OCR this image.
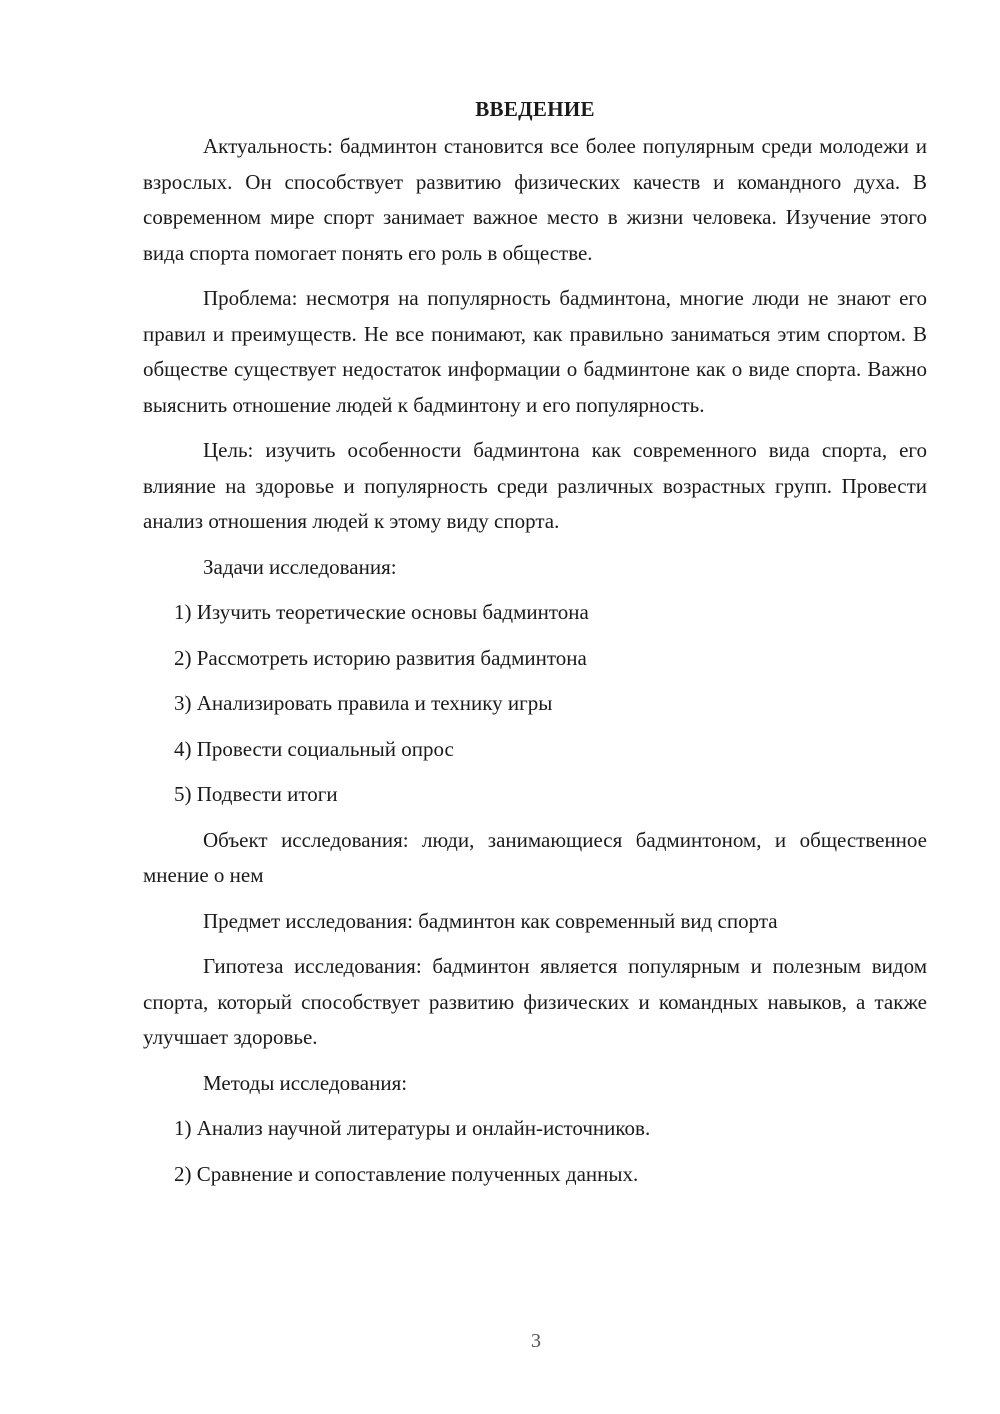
ВВЕДЕНИЕ

Актуальность: бадминтон становится все более популярным среди молодежи и взрослых. Он способствует развитию физических качеств и командного духа. В современном мире спорт занимает важное место в жизни человека. Изучение этого вида спорта помогает понять его роль в обществе.

Проблема: несмотря на популярность бадминтона, многие люди не знают его правил и преимуществ. Не все понимают, как правильно заниматься этим спортом. В обществе существует недостаток информации о бадминтоне как о виде спорта. Важно выяснить отношение людей к бадминтону и его популярность.

Цель: изучить особенности бадминтона как современного вида спорта, его влияние на здоровье и популярность среди различных возрастных групп. Провести анализ отношения людей к этому виду спорта.

Задачи исследования:

1) Изучить теоретические основы бадминтона

2) Рассмотреть историю развития бадминтона

3) Анализировать правила и технику игры

4) Провести социальный опрос

5) Подвести итоги

Объект исследования: люди, занимающиеся бадминтоном, и общественное мнение о нем

Предмет исследования: бадминтон как современный вид спорта

Гипотеза исследования: бадминтон является популярным и полезным видом спорта, который способствует развитию физических и командных навыков, а также улучшает здоровье.

Методы исследования:

1) Анализ научной литературы и онлайн-источников.

2) Сравнение и сопоставление полученных данных.

3
